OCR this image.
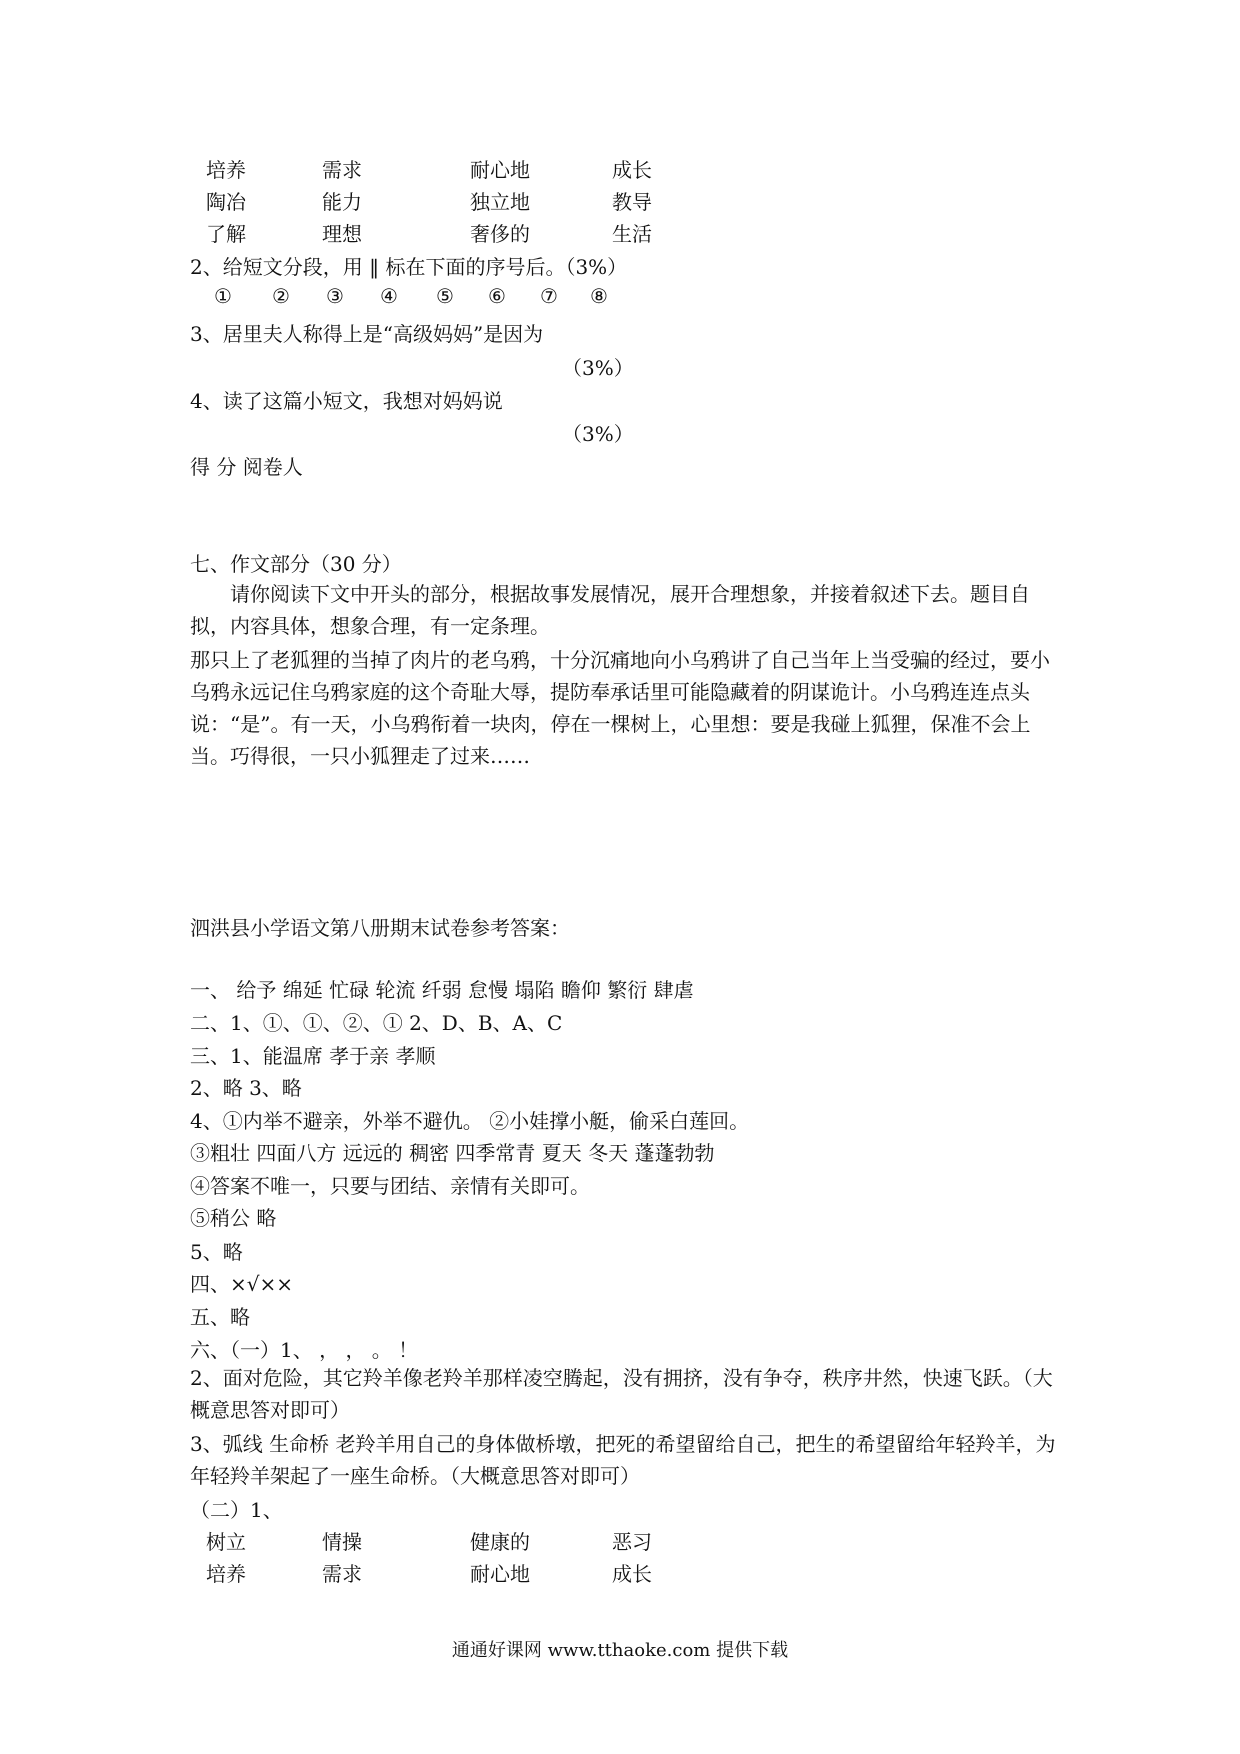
培养	需求	耐心地	成长
陶冶	能力	独立地	教导
了解	理想	奢侈的	生活
2、给短文分段，用 ‖ 标在下面的序号后。（3%）
① ② ③ ④ ⑤ ⑥ ⑦ ⑧
3、居里夫人称得上是“高级妈妈”是因为
（3%）
4、读了这篇小短文，我想对妈妈说
（3%）
得 分 阅卷人
七、作文部分（30 分）
请你阅读下文中开头的部分，根据故事发展情况，展开合理想象，并接着叙述下去。题目自拟，内容具体，想象合理，有一定条理。
那只上了老狐狸的当掉了肉片的老乌鸦，十分沉痛地向小乌鸦讲了自己当年上当受骗的经过，要小乌鸦永远记住乌鸦家庭的这个奇耻大辱，提防奉承话里可能隐藏着的阴谋诡计。小乌鸦连连点头说：“是”。有一天，小乌鸦衔着一块肉，停在一棵树上，心里想：要是我碰上狐狸，保准不会上当。巧得很，一只小狐狸走了过来……
泗洪县小学语文第八册期末试卷参考答案：
一、 给予 绵延 忙碌 轮流 纤弱 怠慢 塌陷 瞻仰 繁衍 肆虐
二、1、①、①、②、① 2、D、B、A、C
三、1、能温席 孝于亲 孝顺
2、略 3、略
4、①内举不避亲，外举不避仇。 ②小娃撑小艇，偷采白莲回。
③粗壮 四面八方 远远的 稠密 四季常青 夏天 冬天 蓬蓬勃勃
④答案不唯一，只要与团结、亲情有关即可。
⑤稍公 略
5、略
四、×√××
五、略
六、（一）1、 ， ， 。 ！
2、面对危险，其它羚羊像老羚羊那样凌空腾起，没有拥挤，没有争夺，秩序井然，快速飞跃。（大概意思答对即可）
3、弧线 生命桥 老羚羊用自己的身体做桥墩，把死的希望留给自己，把生的希望留给年轻羚羊，为年轻羚羊架起了一座生命桥。（大概意思答对即可）
（二）1、
树立	情操	健康的	恶习
培养	需求	耐心地	成长
通通好课网 www.tthaoke.com 提供下载
